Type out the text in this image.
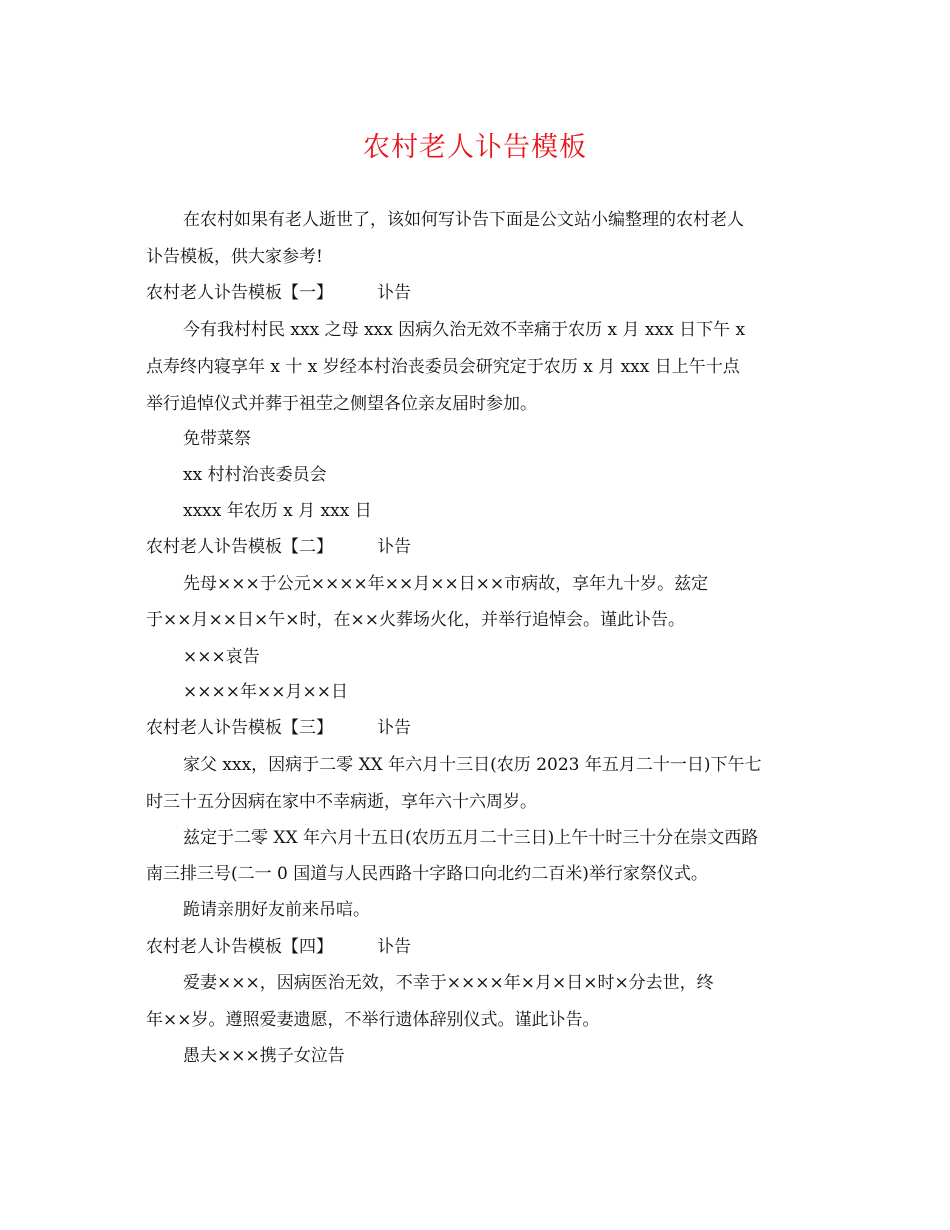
农村老人讣告模板
在农村如果有老人逝世了，该如何写讣告下面是公文站小编整理的农村老人
讣告模板，供大家参考!
农村老人讣告模板【一】	讣告
今有我村村民 xxx 之母 xxx 因病久治无效不幸痛于农历 x 月 xxx 日下午 x
点寿终内寝享年 x 十 x 岁经本村治丧委员会研究定于农历 x 月 xxx 日上午十点
举行追悼仪式并葬于祖茔之侧望各位亲友届时参加。
免带菜祭
xx 村村治丧委员会
xxxx 年农历 x 月 xxx 日
农村老人讣告模板【二】	讣告
先母×××于公元××××年××月××日××市病故，享年九十岁。兹定
于××月××日×午×时，在××火葬场火化，并举行追悼会。谨此讣告。
×××哀告
××××年××月××日
农村老人讣告模板【三】	讣告
家父 xxx，因病于二零 XX 年六月十三日(农历 2023 年五月二十一日)下午七
时三十五分因病在家中不幸病逝，享年六十六周岁。
兹定于二零 XX 年六月十五日(农历五月二十三日)上午十时三十分在崇文西路
南三排三号(二一 0 国道与人民西路十字路口向北约二百米)举行家祭仪式。
跪请亲朋好友前来吊唁。
农村老人讣告模板【四】	讣告
爱妻×××，因病医治无效，不幸于××××年×月×日×时×分去世，终
年××岁。遵照爱妻遗愿，不举行遗体辞别仪式。谨此讣告。
愚夫×××携子女泣告
